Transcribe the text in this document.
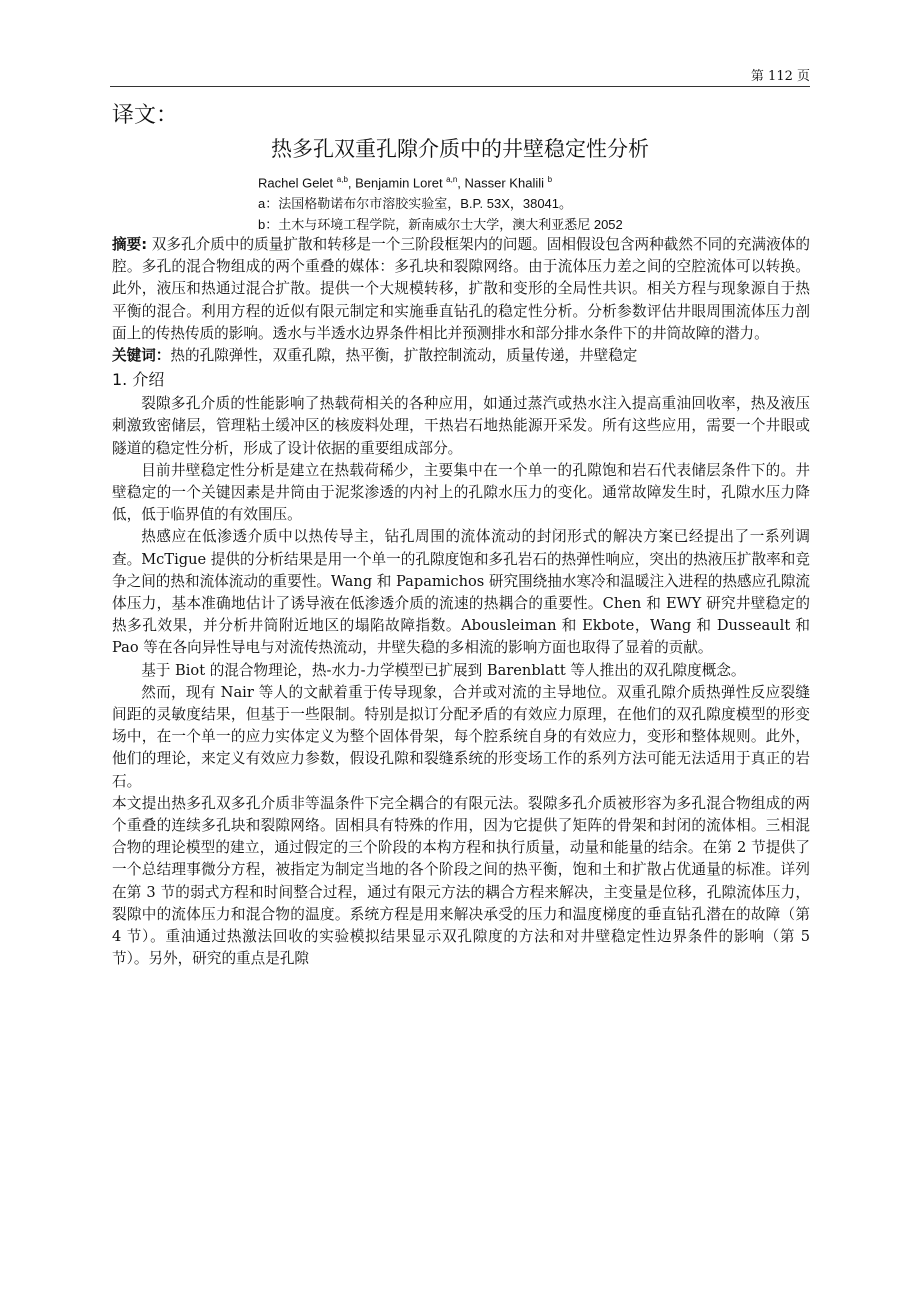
第 112 页
译文：
热多孔双重孔隙介质中的井壁稳定性分析
Rachel Gelet $^{a,b}$, Benjamin Loret $^{a,n}$, Nasser Khalili $^b$
a：法国格勒诺布尔市溶胶实验室，B.P. 53X，38041。
b：土木与环境工程学院，新南威尔士大学，澳大利亚悉尼 2052

摘要: 双多孔介质中的质量扩散和转移是一个三阶段框架内的问题。固相假设包含两种截然不同的充满液体的腔。多孔的混合物组成的两个重叠的媒体：多孔块和裂隙网络。由于流体压力差之间的空腔流体可以转换。此外，液压和热通过混合扩散。提供一个大规模转移，扩散和变形的全局性共识。相关方程与现象源自于热平衡的混合。利用方程的近似有限元制定和实施垂直钻孔的稳定性分析。分析参数评估井眼周围流体压力剖面上的传热传质的影响。透水与半透水边界条件相比并预测排水和部分排水条件下的井筒故障的潜力。

关键词：热的孔隙弹性，双重孔隙，热平衡，扩散控制流动，质量传递，井壁稳定

1. 介绍

裂隙多孔介质的性能影响了热载荷相关的各种应用，如通过蒸汽或热水注入提高重油回收率，热及液压刺激致密储层，管理粘土缓冲区的核废料处理，干热岩石地热能源开采发。所有这些应用，需要一个井眼或隧道的稳定性分析，形成了设计依据的重要组成部分。

目前井壁稳定性分析是建立在热载荷稀少，主要集中在一个单一的孔隙饱和岩石代表储层条件下的。井壁稳定的一个关键因素是井筒由于泥浆渗透的内衬上的孔隙水压力的变化。通常故障发生时，孔隙水压力降低，低于临界值的有效围压。

热感应在低渗透介质中以热传导主，钻孔周围的流体流动的封闭形式的解决方案已经提出了一系列调查。McTigue 提供的分析结果是用一个单一的孔隙度饱和多孔岩石的热弹性响应，突出的热液压扩散率和竞争之间的热和流体流动的重要性。Wang 和 Papamichos 研究围绕抽水寒冷和温暖注入进程的热感应孔隙流体压力，基本准确地估计了诱导液在低渗透介质的流速的热耦合的重要性。Chen 和 EWY 研究井壁稳定的热多孔效果，并分析井筒附近地区的塌陷故障指数。Abousleiman 和 Ekbote，Wang 和 Dusseault 和 Pao 等在各向异性导电与对流传热流动，井壁失稳的多相流的影响方面也取得了显着的贡献。

基于 Biot 的混合物理论，热-水力-力学模型已扩展到 Barenblatt 等人推出的双孔隙度概念。

然而，现有 Nair 等人的文献着重于传导现象，合并或对流的主导地位。双重孔隙介质热弹性反应裂缝间距的灵敏度结果，但基于一些限制。特别是拟订分配矛盾的有效应力原理，在他们的双孔隙度模型的形变场中，在一个单一的应力实体定义为整个固体骨架，每个腔系统自身的有效应力，变形和整体规则。此外，他们的理论，来定义有效应力参数，假设孔隙和裂缝系统的形变场工作的系列方法可能无法适用于真正的岩石。

本文提出热多孔双多孔介质非等温条件下完全耦合的有限元法。裂隙多孔介质被形容为多孔混合物组成的两个重叠的连续多孔块和裂隙网络。固相具有特殊的作用，因为它提供了矩阵的骨架和封闭的流体相。三相混合物的理论模型的建立，通过假定的三个阶段的本构方程和执行质量，动量和能量的结余。在第 2 节提供了一个总结理事微分方程，被指定为制定当地的各个阶段之间的热平衡，饱和土和扩散占优通量的标准。详列在第 3 节的弱式方程和时间整合过程，通过有限元方法的耦合方程来解决，主变量是位移，孔隙流体压力，裂隙中的流体压力和混合物的温度。系统方程是用来解决承受的压力和温度梯度的垂直钻孔潜在的故障（第 4 节）。重油通过热激法回收的实验模拟结果显示双孔隙度的方法和对井壁稳定性边界条件的影响（第 5 节）。另外，研究的重点是孔隙
